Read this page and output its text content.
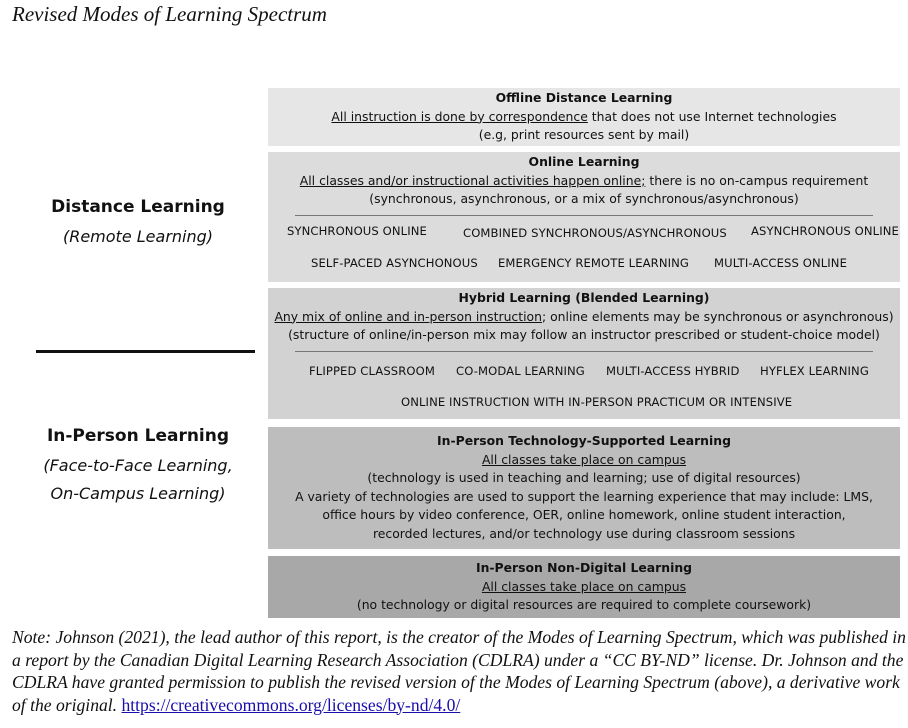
Revised Modes of Learning Spectrum
Distance Learning
(Remote Learning)
In-Person Learning
(Face-to-Face Learning,
On-Campus Learning)
Offline Distance Learning
All instruction is done by correspondence that does not use Internet technologies
(e.g, print resources sent by mail)
Online Learning
All classes and/or instructional activities happen online; there is no on-campus requirement
(synchronous, asynchronous, or a mix of synchronous/asynchronous)
SYNCHRONOUS ONLINE	COMBINED SYNCHRONOUS/ASYNCHRONOUS ASYNCHRONOUS ONLINE
SELF-PACED ASYNCHONOUS EMERGENCY REMOTE LEARNING MULTI-ACCESS ONLINE
Hybrid Learning (Blended Learning)
Any mix of online and in-person instruction; online elements may be synchronous or asynchronous)
(structure of online/in-person mix may follow an instructor prescribed or student-choice model)
FLIPPED CLASSROOM CO-MODAL LEARNING MULTI-ACCESS HYBRID HYFLEX LEARNING
ONLINE INSTRUCTION WITH IN-PERSON PRACTICUM OR INTENSIVE
In-Person Technology-Supported Learning
All classes take place on campus
(technology is used in teaching and learning; use of digital resources)
A variety of technologies are used to support the learning experience that may include: LMS,
office hours by video conference, OER, online homework, online student interaction,
recorded lectures, and/or technology use during classroom sessions
In-Person Non-Digital Learning
All classes take place on campus
(no technology or digital resources are required to complete coursework)
Note: Johnson (2021), the lead author of this report, is the creator of the Modes of Learning Spectrum, which was published in a report by the Canadian Digital Learning Research Association (CDLRA) under a “CC BY-ND” license. Dr. Johnson and the CDLRA have granted permission to publish the revised version of the Modes of Learning Spectrum (above), a derivative work of the original. https://creativecommons.org/licenses/by-nd/4.0/
